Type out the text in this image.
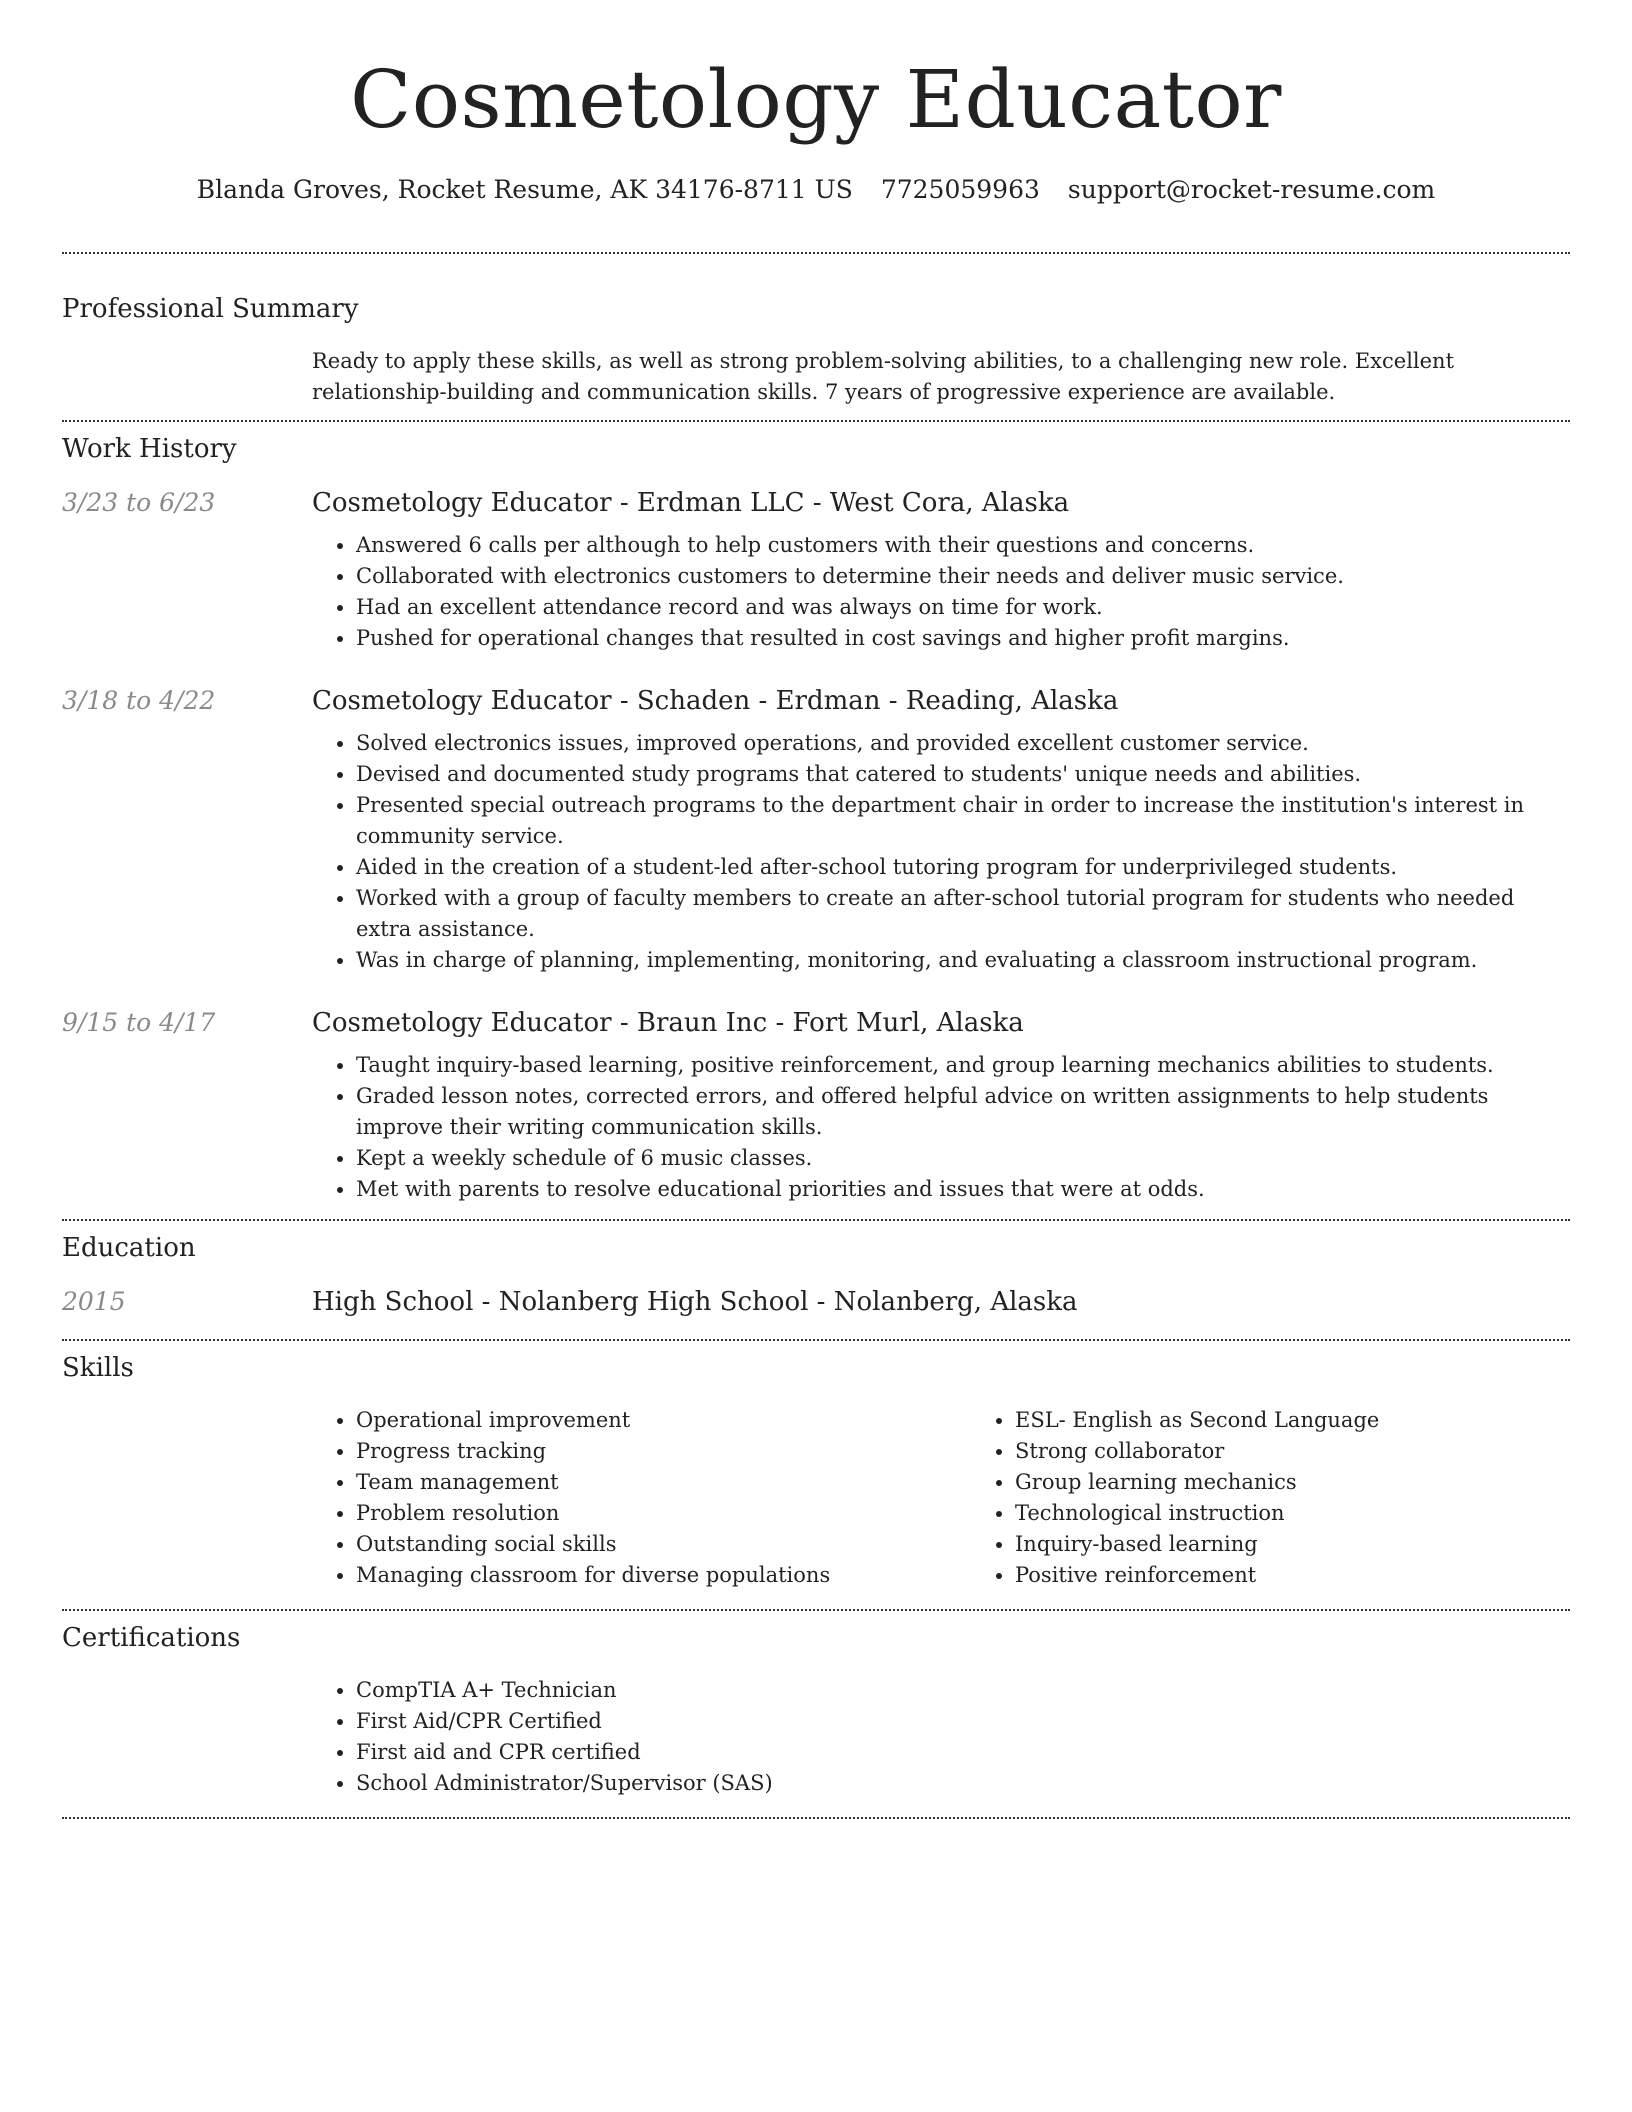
Cosmetology Educator
Blanda Groves, Rocket Resume, AK 34176-8711 US 7725059963 support@rocket-resume.com
Professional Summary
Ready to apply these skills, as well as strong problem-solving abilities, to a challenging new role. Excellent relationship-building and communication skills. 7 years of progressive experience are available.
Work History
3/23 to 6/23	Cosmetology Educator - Erdman LLC - West Cora, Alaska
• Answered 6 calls per although to help customers with their questions and concerns.
• Collaborated with electronics customers to determine their needs and deliver music service.
• Had an excellent attendance record and was always on time for work.
• Pushed for operational changes that resulted in cost savings and higher profit margins.
3/18 to 4/22	Cosmetology Educator - Schaden - Erdman - Reading, Alaska
• Solved electronics issues, improved operations, and provided excellent customer service.
• Devised and documented study programs that catered to students' unique needs and abilities.
• Presented special outreach programs to the department chair in order to increase the institution's interest in community service.
• Aided in the creation of a student-led after-school tutoring program for underprivileged students.
• Worked with a group of faculty members to create an after-school tutorial program for students who needed extra assistance.
• Was in charge of planning, implementing, monitoring, and evaluating a classroom instructional program.
9/15 to 4/17	Cosmetology Educator - Braun Inc - Fort Murl, Alaska
• Taught inquiry-based learning, positive reinforcement, and group learning mechanics abilities to students.
• Graded lesson notes, corrected errors, and offered helpful advice on written assignments to help students improve their writing communication skills.
• Kept a weekly schedule of 6 music classes.
• Met with parents to resolve educational priorities and issues that were at odds.
Education
2015	High School - Nolanberg High School - Nolanberg, Alaska
Skills
• Operational improvement
• Progress tracking
• Team management
• Problem resolution
• Outstanding social skills
• Managing classroom for diverse populations
• ESL- English as Second Language
• Strong collaborator
• Group learning mechanics
• Technological instruction
• Inquiry-based learning
• Positive reinforcement
Certifications
• CompTIA A+ Technician
• First Aid/CPR Certified
• First aid and CPR certified
• School Administrator/Supervisor (SAS)
